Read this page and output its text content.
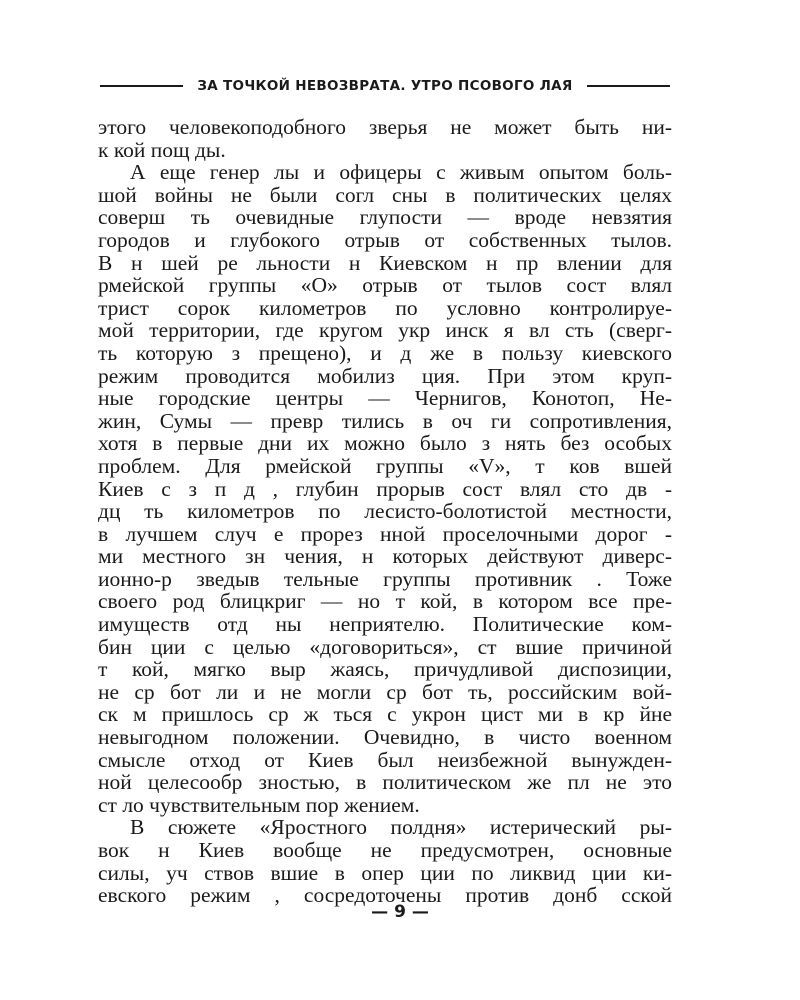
ЗА ТОЧКОЙ НЕВОЗВРАТА. УТРО ПСОВОГО ЛАЯ
этого человекоподобного зверья не может быть ни-
к кой пощ ды.
А еще генер лы и офицеры с живым опытом боль-
шой войны не были согл сны в политических целях
соверш ть очевидные глупости — вроде невзятия
городов и глубокого отрыв от собственных тылов.
В н шей ре льности н Киевском н пр влении для
рмейской группы «О» отрыв от тылов сост влял
трист сорок километров по условно контролируе-
мой территории, где кругом укр инск я вл сть (сверг-
ть которую з прещено), и д же в пользу киевского
режим проводится мобилиз ция. При этом круп-
ные городские центры — Чернигов, Конотоп, Не-
жин, Сумы — превр тились в оч ги сопротивления,
хотя в первые дни их можно было з нять без особых
проблем. Для рмейской группы «V», т ков вшей
Киев с з п д , глубин прорыв сост влял сто дв -
дц ть километров по лесисто-болотистой местности,
в лучшем случ е прорез нной проселочными дорог -
ми местного зн чения, н которых действуют диверс-
ионно-р зведыв тельные группы противник . Тоже
своего род блицкриг — но т кой, в котором все пре-
имуществ отд ны неприятелю. Политические ком-
бин ции с целью «договориться», ст вшие причиной
т кой, мягко выр жаясь, причудливой диспозиции,
не ср бот ли и не могли ср бот ть, российским вой-
ск м пришлось ср ж ться с укрон цист ми в кр йне
невыгодном положении. Очевидно, в чисто военном
смысле отход от Киев был неизбежной вынужден-
ной целесообр зностью, в политическом же пл не это
ст ло чувствительным пор жением.
В сюжете «Яростного полдня» истерический ры-
вок н Киев вообще не предусмотрен, основные
силы, уч ствов вшие в опер ции по ликвид ции ки-
евского режим , сосредоточены против донб сской
— 9 —
